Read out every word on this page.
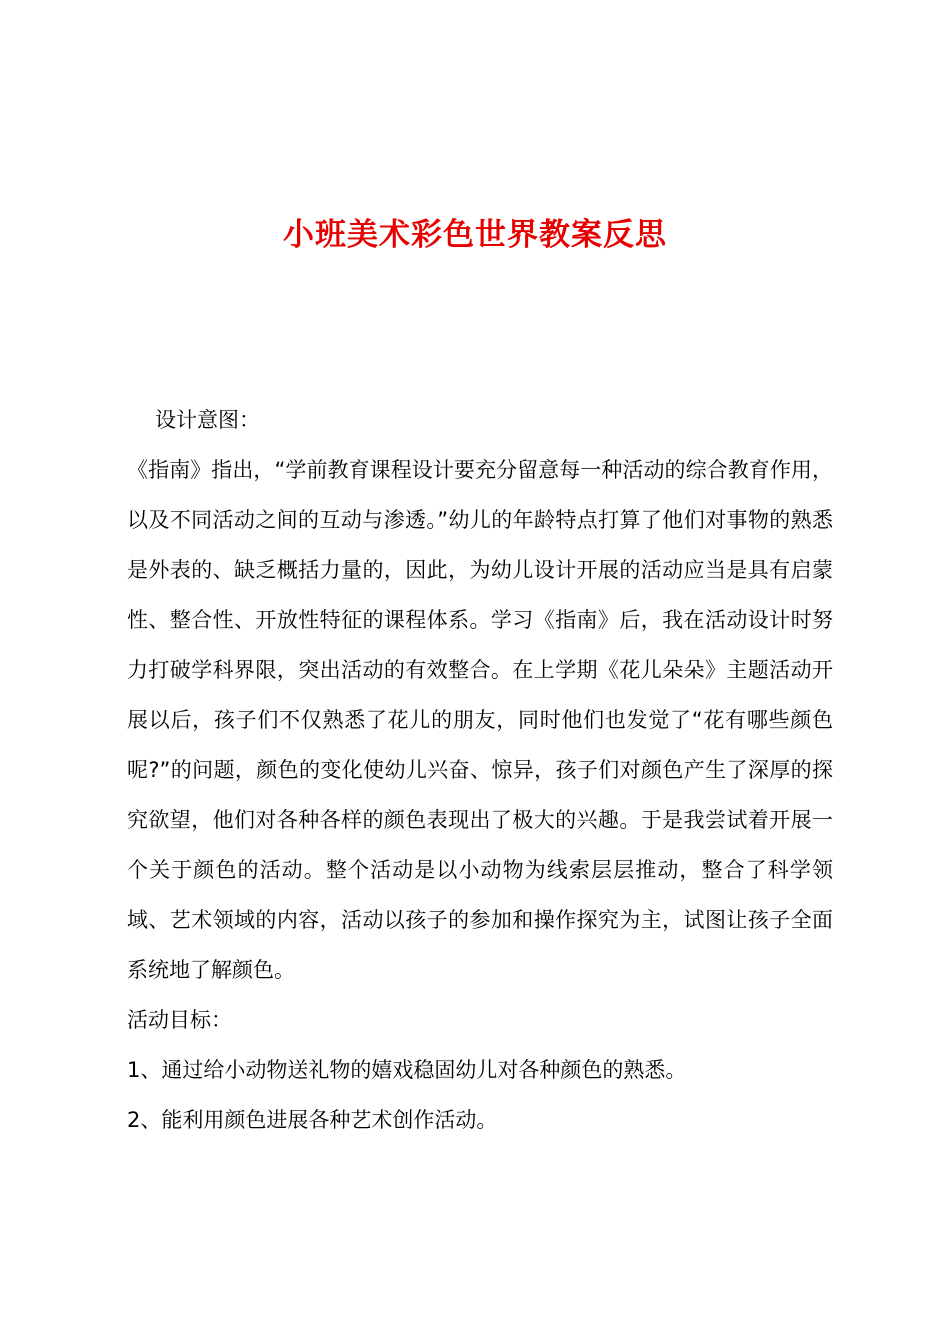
小班美术彩色世界教案反思

设计意图：

《指南》指出，“学前教育课程设计要充分留意每一种活动的综合教育作用，以及不同活动之间的互动与渗透。”幼儿的年龄特点打算了他们对事物的熟悉是外表的、缺乏概括力量的，因此，为幼儿设计开展的活动应当是具有启蒙性、整合性、开放性特征的课程体系。学习《指南》后，我在活动设计时努力打破学科界限，突出活动的有效整合。在上学期《花儿朵朵》主题活动开展以后，孩子们不仅熟悉了花儿的朋友，同时他们也发觉了“花有哪些颜色呢?”的问题，颜色的变化使幼儿兴奋、惊异，孩子们对颜色产生了深厚的探究欲望，他们对各种各样的颜色表现出了极大的兴趣。于是我尝试着开展一个关于颜色的活动。整个活动是以小动物为线索层层推动，整合了科学领域、艺术领域的内容，活动以孩子的参加和操作探究为主，试图让孩子全面系统地了解颜色。

活动目标：

1、通过给小动物送礼物的嬉戏稳固幼儿对各种颜色的熟悉。

2、能利用颜色进展各种艺术创作活动。
